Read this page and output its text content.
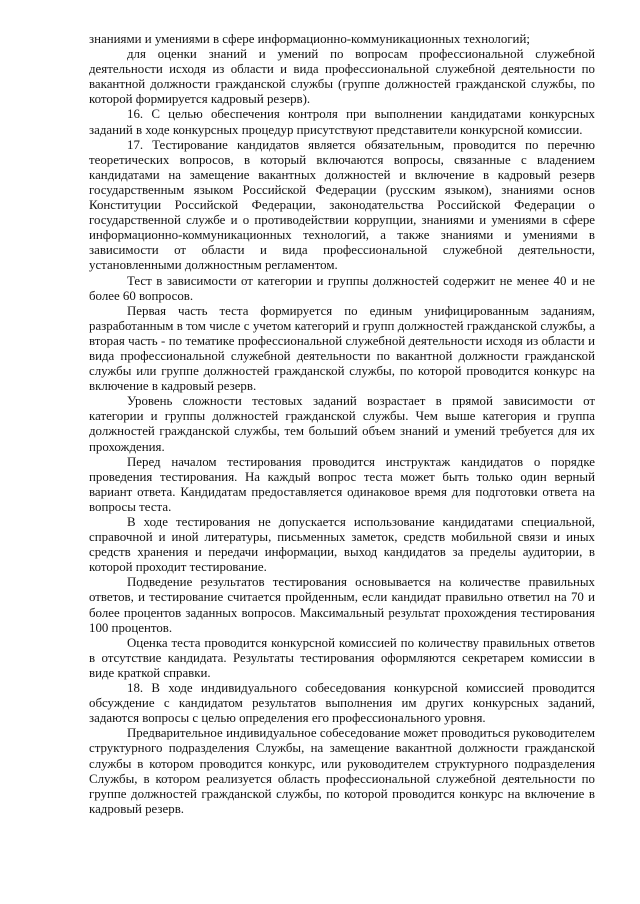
знаниями и умениями в сфере информационно-коммуникационных технологий;

для оценки знаний и умений по вопросам профессиональной служебной деятельности исходя из области и вида профессиональной служебной деятельности по вакантной должности гражданской службы (группе должностей гражданской службы, по которой формируется кадровый резерв).

16. С целью обеспечения контроля при выполнении кандидатами конкурсных заданий в ходе конкурсных процедур присутствуют представители конкурсной комиссии.

17. Тестирование кандидатов является обязательным, проводится по перечню теоретических вопросов, в который включаются вопросы, связанные с владением кандидатами на замещение вакантных должностей и включение в кадровый резерв государственным языком Российской Федерации (русским языком), знаниями основ Конституции Российской Федерации, законодательства Российской Федерации о государственной службе и о противодействии коррупции, знаниями и умениями в сфере информационно-коммуникационных технологий, а также знаниями и умениями в зависимости от области и вида профессиональной служебной деятельности, установленными должностным регламентом.

Тест в зависимости от категории и группы должностей содержит не менее 40 и не более 60 вопросов.

Первая часть теста формируется по единым унифицированным заданиям, разработанным в том числе с учетом категорий и групп должностей гражданской службы, а вторая часть - по тематике профессиональной служебной деятельности исходя из области и вида профессиональной служебной деятельности по вакантной должности гражданской службы или группе должностей гражданской службы, по которой проводится конкурс на включение в кадровый резерв.

Уровень сложности тестовых заданий возрастает в прямой зависимости от категории и группы должностей гражданской службы. Чем выше категория и группа должностей гражданской службы, тем больший объем знаний и умений требуется для их прохождения.

Перед началом тестирования проводится инструктаж кандидатов о порядке проведения тестирования. На каждый вопрос теста может быть только один верный вариант ответа. Кандидатам предоставляется одинаковое время для подготовки ответа на вопросы теста.

В ходе тестирования не допускается использование кандидатами специальной, справочной и иной литературы, письменных заметок, средств мобильной связи и иных средств хранения и передачи информации, выход кандидатов за пределы аудитории, в которой проходит тестирование.

Подведение результатов тестирования основывается на количестве правильных ответов, и тестирование считается пройденным, если кандидат правильно ответил на 70 и более процентов заданных вопросов. Максимальный результат прохождения тестирования 100 процентов.

Оценка теста проводится конкурсной комиссией по количеству правильных ответов в отсутствие кандидата. Результаты тестирования оформляются секретарем комиссии в виде краткой справки.

18. В ходе индивидуального собеседования конкурсной комиссией проводится обсуждение с кандидатом результатов выполнения им других конкурсных заданий, задаются вопросы с целью определения его профессионального уровня.

Предварительное индивидуальное собеседование может проводиться руководителем структурного подразделения Службы, на замещение вакантной должности гражданской службы в котором проводится конкурс, или руководителем структурного подразделения Службы, в котором реализуется область профессиональной служебной деятельности по группе должностей гражданской службы, по которой проводится конкурс на включение в кадровый резерв.
